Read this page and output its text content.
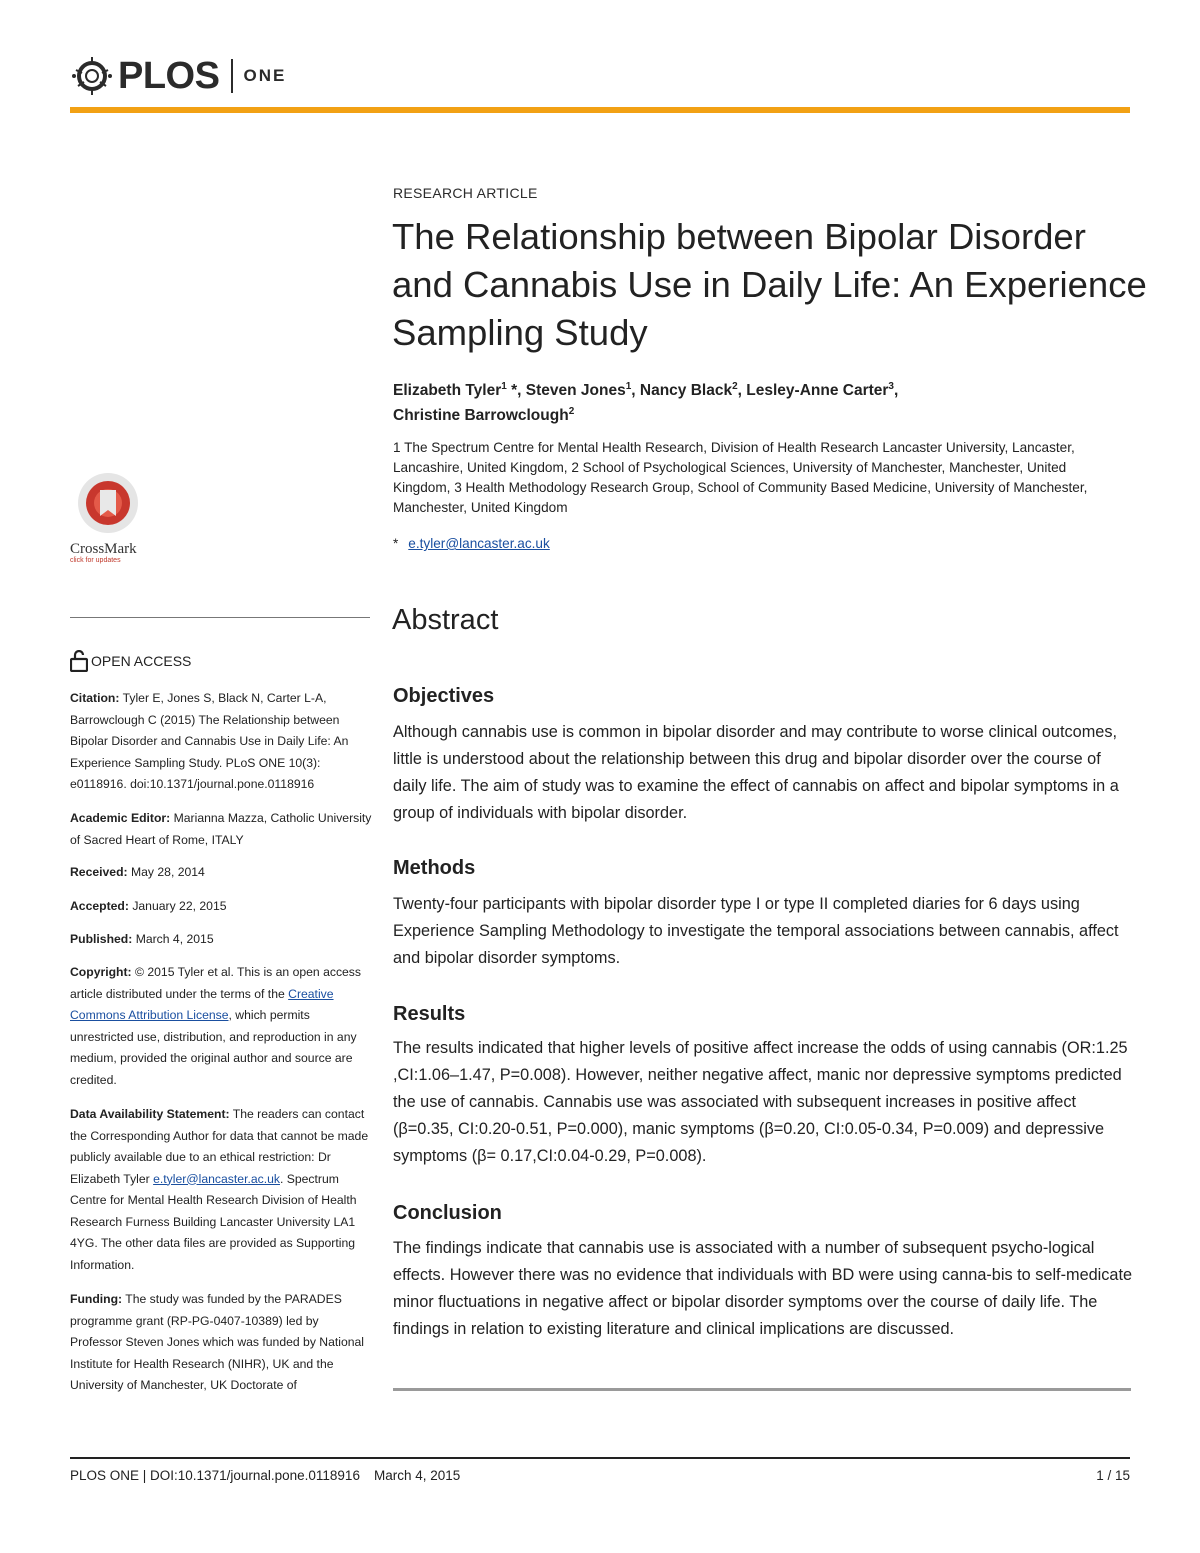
PLOS ONE
CrossMark
click for updates
OPEN ACCESS
Citation: Tyler E, Jones S, Black N, Carter L-A, Barrowclough C (2015) The Relationship between Bipolar Disorder and Cannabis Use in Daily Life: An Experience Sampling Study. PLoS ONE 10(3): e0118916. doi:10.1371/journal.pone.0118916
Academic Editor: Marianna Mazza, Catholic University of Sacred Heart of Rome, ITALY
Received: May 28, 2014
Accepted: January 22, 2015
Published: March 4, 2015
Copyright: © 2015 Tyler et al. This is an open access article distributed under the terms of the Creative Commons Attribution License, which permits unrestricted use, distribution, and reproduction in any medium, provided the original author and source are credited.
Data Availability Statement: The readers can contact the Corresponding Author for data that cannot be made publicly available due to an ethical restriction: Dr Elizabeth Tyler e.tyler@lancaster.ac.uk. Spectrum Centre for Mental Health Research Division of Health Research Furness Building Lancaster University LA1 4YG. The other data files are provided as Supporting Information.
Funding: The study was funded by the PARADES programme grant (RP-PG-0407-10389) led by Professor Steven Jones which was funded by National Institute for Health Research (NIHR), UK and the University of Manchester, UK Doctorate of
RESEARCH ARTICLE
The Relationship between Bipolar Disorder and Cannabis Use in Daily Life: An Experience Sampling Study
Elizabeth Tyler$^1$ *, Steven Jones$^1$, Nancy Black$^2$, Lesley-Anne Carter$^3$,
Christine Barrowclough$^2$
1 The Spectrum Centre for Mental Health Research, Division of Health Research Lancaster University, Lancaster, Lancashire, United Kingdom, 2 School of Psychological Sciences, University of Manchester, Manchester, United Kingdom, 3 Health Methodology Research Group, School of Community Based Medicine, University of Manchester, Manchester, United Kingdom
* e.tyler@lancaster.ac.uk
Abstract
Objectives
Although cannabis use is common in bipolar disorder and may contribute to worse clinical outcomes, little is understood about the relationship between this drug and bipolar disorder over the course of daily life. The aim of study was to examine the effect of cannabis on affect and bipolar symptoms in a group of individuals with bipolar disorder.
Methods
Twenty-four participants with bipolar disorder type I or type II completed diaries for 6 days using Experience Sampling Methodology to investigate the temporal associations between cannabis, affect and bipolar disorder symptoms.
Results
The results indicated that higher levels of positive affect increase the odds of using cannabis (OR:1.25 ,CI:1.06–1.47, P=0.008). However, neither negative affect, manic nor depressive symptoms predicted the use of cannabis. Cannabis use was associated with subsequent increases in positive affect (β=0.35, CI:0.20-0.51, P=0.000), manic symptoms (β=0.20, CI:0.05-0.34, P=0.009) and depressive symptoms (β= 0.17,CI:0.04-0.29, P=0.008).
Conclusion
The findings indicate that cannabis use is associated with a number of subsequent psycho-logical effects. However there was no evidence that individuals with BD were using canna-bis to self-medicate minor fluctuations in negative affect or bipolar disorder symptoms over the course of daily life. The findings in relation to existing literature and clinical implications are discussed.
PLOS ONE | DOI:10.1371/journal.pone.0118916 March 4, 2015	1 / 15
